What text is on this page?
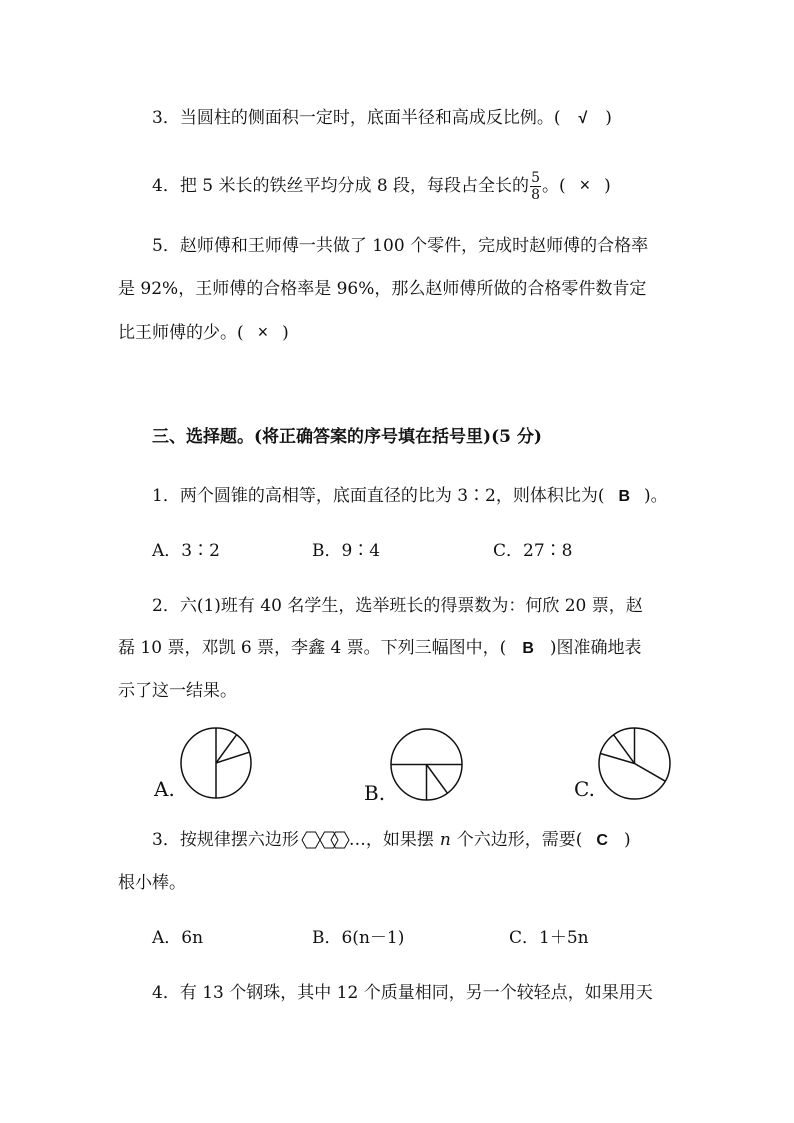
3．当圆柱的侧面积一定时，底面半径和高成反比例。( √ )
4．把 5 米长的铁丝平均分成 8 段，每段占全长的 $\frac{5}{8}$ 。( × )
5．赵师傅和王师傅一共做了 100 个零件，完成时赵师傅的合格率
是 92%，王师傅的合格率是 96%，那么赵师傅所做的合格零件数肯定
比王师傅的少。( × )
三、选择题。(将正确答案的序号填在括号里)(5 分)
1．两个圆锥的高相等，底面直径的比为 3∶2，则体积比为( B )。
A．3∶2	B．9∶4	C．27∶8
2．六(1)班有 40 名学生，选举班长的得票数为：何欣 20 票，赵
磊 10 票，邓凯 6 票，李鑫 4 票。下列三幅图中，( B )图准确地表
示了这一结果。
A.	B.	C.
3．按规律摆六边形	…，如果摆 n 个六边形，需要( C )
根小棒。
A．6n	B．6(n－1)	C．1＋5n
4．有 13 个钢珠，其中 12 个质量相同，另一个较轻点，如果用天
